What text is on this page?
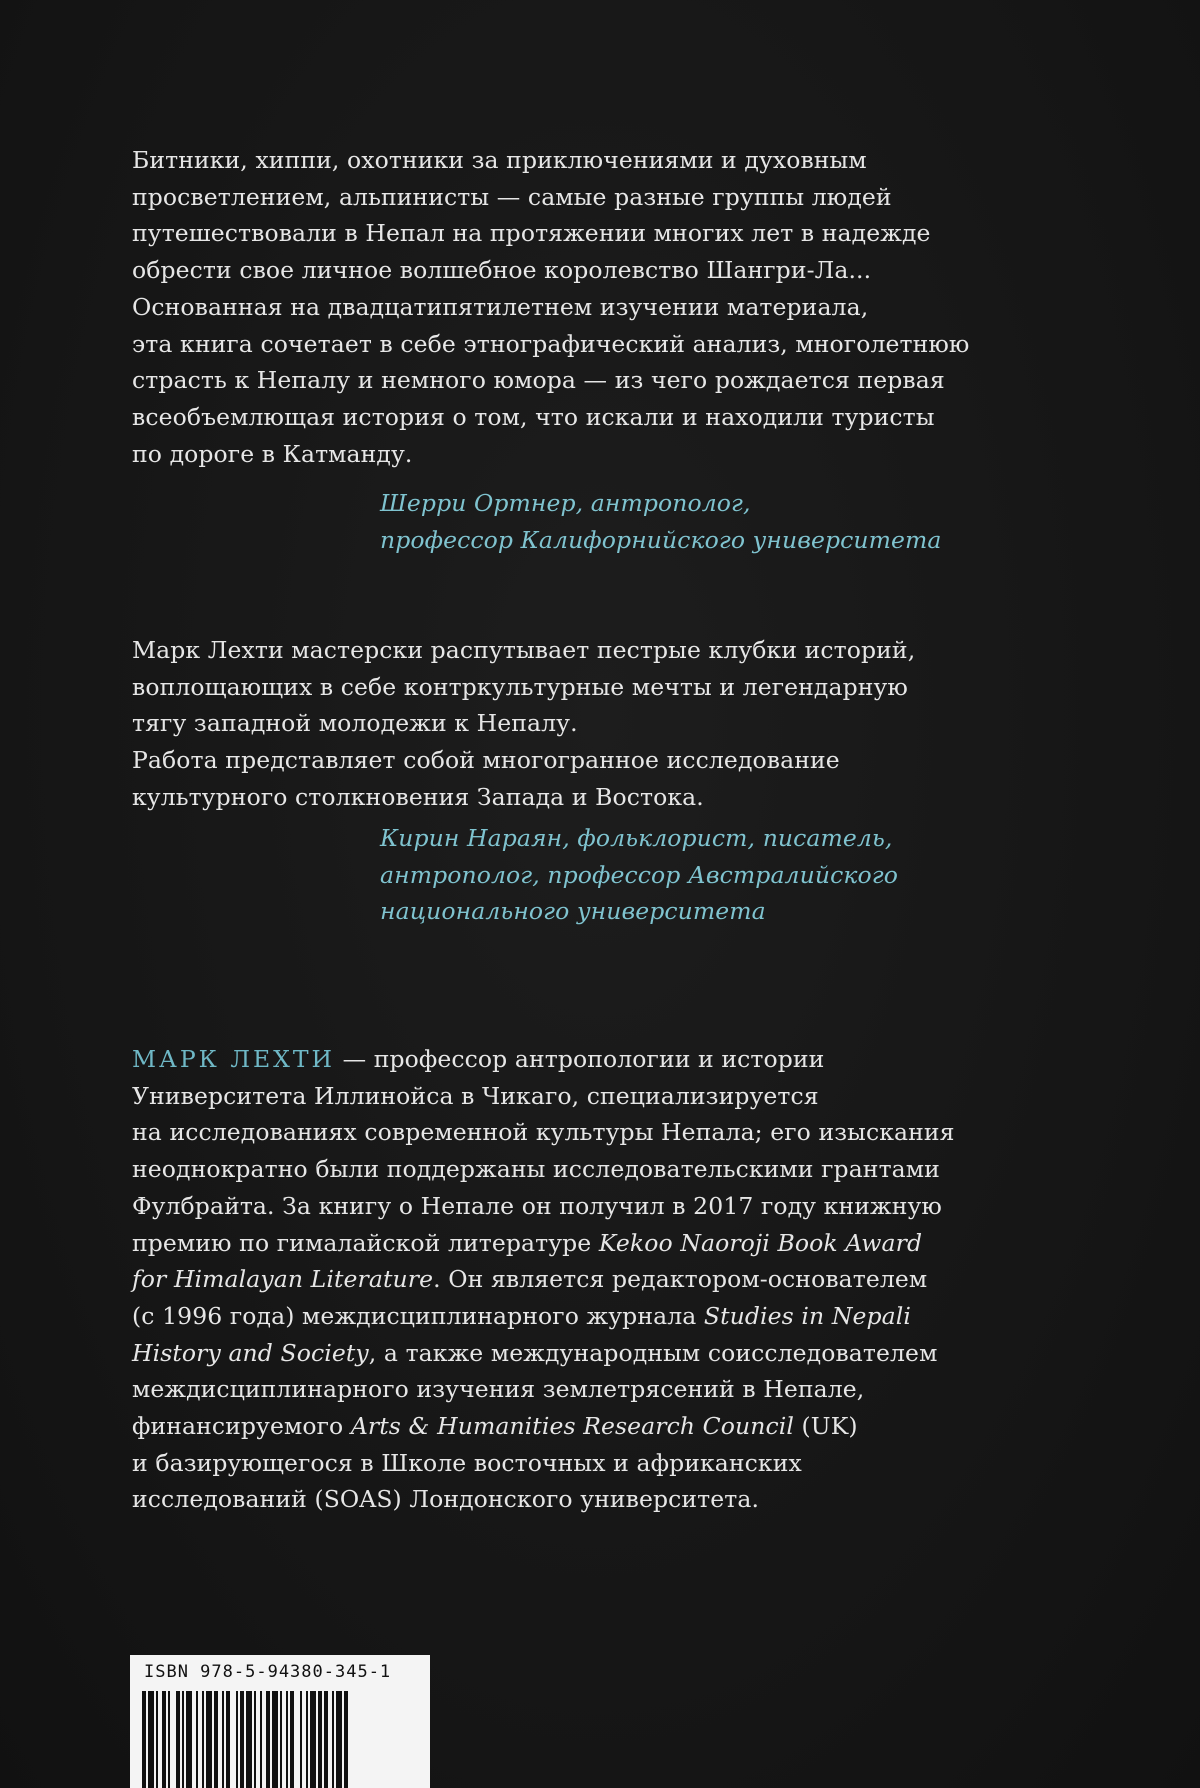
Битники, хиппи, охотники за приключениями и духовным
просветлением, альпинисты — самые разные группы людей
путешествовали в Непал на протяжении многих лет в надежде
обрести свое личное волшебное королевство Шангри-Ла...
Основанная на двадцатипятилетнем изучении материала,
эта книга сочетает в себе этнографический анализ, многолетнюю
страсть к Непалу и немного юмора — из чего рождается первая
всеобъемлющая история о том, что искали и находили туристы
по дороге в Катманду.
Шерри Ортнер, антрополог,
профессор Калифорнийского университета
Марк Лехти мастерски распутывает пестрые клубки историй,
воплощающих в себе контркультурные мечты и легендарную
тягу западной молодежи к Непалу.
Работа представляет собой многогранное исследование
культурного столкновения Запада и Востока.
Кирин Нараян, фольклорист, писатель,
антрополог, профессор Австралийского
национального университета
МАРК ЛЕХТИ — профессор антропологии и истории
Университета Иллинойса в Чикаго, специализируется
на исследованиях современной культуры Непала; его изыскания
неоднократно были поддержаны исследовательскими грантами
Фулбрайта. За книгу о Непале он получил в 2017 году книжную
премию по гималайской литературе Kekoo Naoroji Book Award
for Himalayan Literature. Он является редактором-основателем
(с 1996 года) междисциплинарного журнала Studies in Nepali
History and Society, а также международным соисследователем
междисциплинарного изучения землетрясений в Непале,
финансируемого Arts & Humanities Research Council (UK)
и базирующегося в Школе восточных и африканских
исследований (SOAS) Лондонского университета.
ISBN 978-5-94380-345-1
